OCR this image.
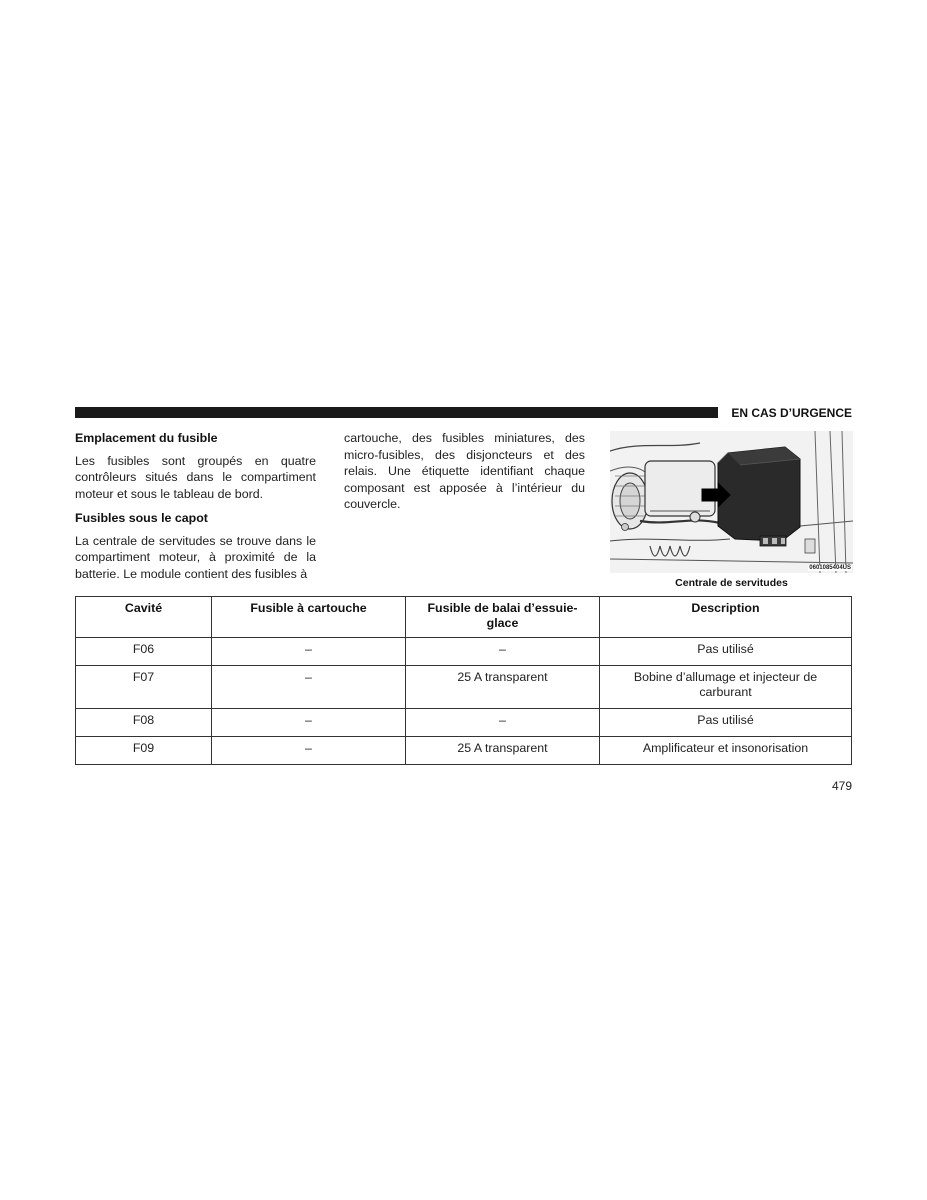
EN CAS D’URGENCE
Emplacement du fusible

Les fusibles sont groupés en quatre contrôleurs situés dans le compartiment moteur et sous le tableau de bord.

Fusibles sous le capot

La centrale de servitudes se trouve dans le compartiment moteur, à proximité de la batterie. Le module contient des fusibles à

cartouche, des fusibles miniatures, des micro-fusibles, des disjoncteurs et des relais. Une étiquette identifiant chaque composant est apposée à l’intérieur du couvercle.

0601085404US
Centrale de servitudes
Cavité	Fusible à cartouche	Fusible de balai d’essuie-glace	Description
F06	–	–	Pas utilisé
F07	–	25 A transparent	Bobine d’allumage et injecteur de carburant
F08	–	–	Pas utilisé
F09	–	25 A transparent	Amplificateur et insonorisation
479
